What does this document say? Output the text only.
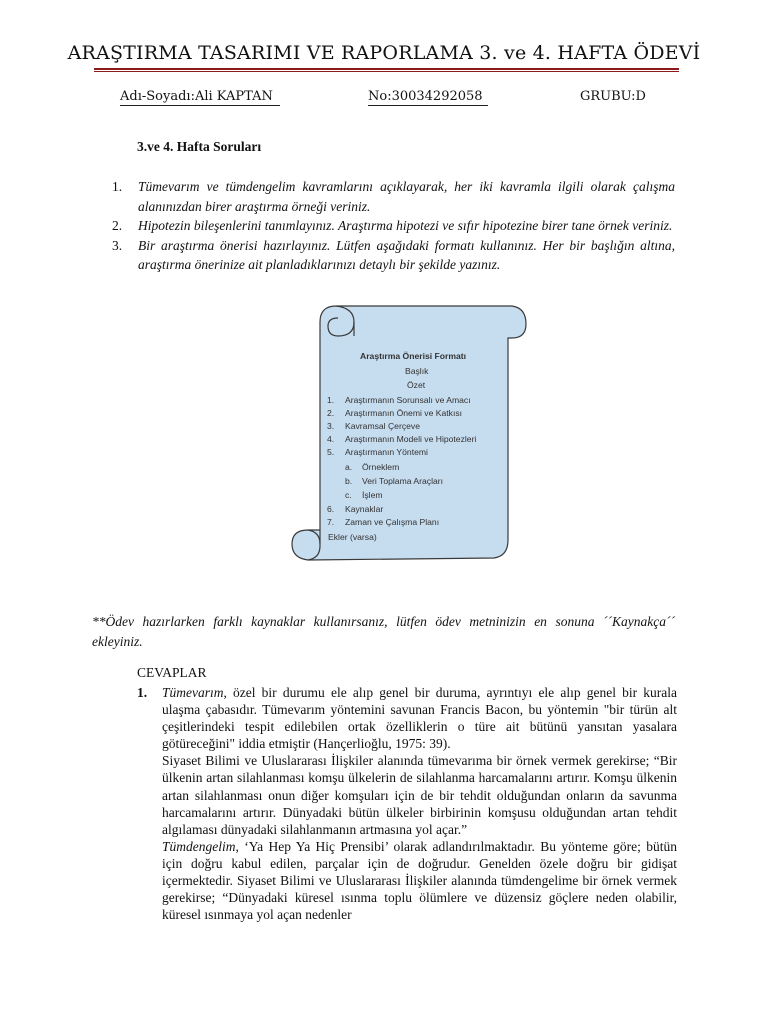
ARAŞTIRMA TASARIMI VE RAPORLAMA 3. ve 4. HAFTA ÖDEVİ
Adı-Soyadı:Ali KAPTAN	No:30034292058	GRUBU:D
3.ve 4. Hafta Soruları
1. Tümevarım ve tümdengelim kavramlarını açıklayarak, her iki kavramla ilgili olarak çalışma alanınızdan birer araştırma örneği veriniz.
2. Hipotezin bileşenlerini tanımlayınız. Araştırma hipotezi ve sıfır hipotezine birer tane örnek veriniz.
3. Bir araştırma önerisi hazırlayınız. Lütfen aşağıdaki formatı kullanınız. Her bir başlığın altına, araştırma önerinize ait planladıklarınızı detaylı bir şekilde yazınız.
Araştırma Önerisi Formatı
Başlık
Özet
1. Araştırmanın Sorunsalı ve Amacı
2. Araştırmanın Önemi ve Katkısı
3. Kavramsal Çerçeve
4. Araştırmanın Modeli ve Hipotezleri
5. Araştırmanın Yöntemi
a. Örneklem
b. Veri Toplama Araçları
c. İşlem
6. Kaynaklar
7. Zaman ve Çalışma Planı
Ekler (varsa)
**Ödev hazırlarken farklı kaynaklar kullanırsanız, lütfen ödev metninizin en sonuna ´´Kaynakça´´ ekleyiniz.
CEVAPLAR
1. Tümevarım, özel bir durumu ele alıp genel bir duruma, ayrıntıyı ele alıp genel bir kurala ulaşma çabasıdır. Tümevarım yöntemini savunan Francis Bacon, bu yöntemin "bir türün alt çeşitlerindeki tespit edilebilen ortak özelliklerin o türe ait bütünü yansıtan yasalara götüreceğini" iddia etmiştir (Hançerlioğlu, 1975: 39).

Siyaset Bilimi ve Uluslararası İlişkiler alanında tümevarıma bir örnek vermek gerekirse; “Bir ülkenin artan silahlanması komşu ülkelerin de silahlanma harcamalarını artırır. Komşu ülkenin artan silahlanması onun diğer komşuları için de bir tehdit olduğundan onların da savunma harcamalarını artırır. Dünyadaki bütün ülkeler birbirinin komşusu olduğundan artan tehdit algılaması dünyadaki silahlanmanın artmasına yol açar.”

Tümdengelim, ‘Ya Hep Ya Hiç Prensibi’ olarak adlandırılmaktadır. Bu yönteme göre; bütün için doğru kabul edilen, parçalar için de doğrudur. Genelden özele doğru bir gidişat içermektedir. Siyaset Bilimi ve Uluslararası İlişkiler alanında tümdengelime bir örnek vermek gerekirse; “Dünyadaki küresel ısınma toplu ölümlere ve düzensiz göçlere neden olabilir, küresel ısınmaya yol açan nedenler
